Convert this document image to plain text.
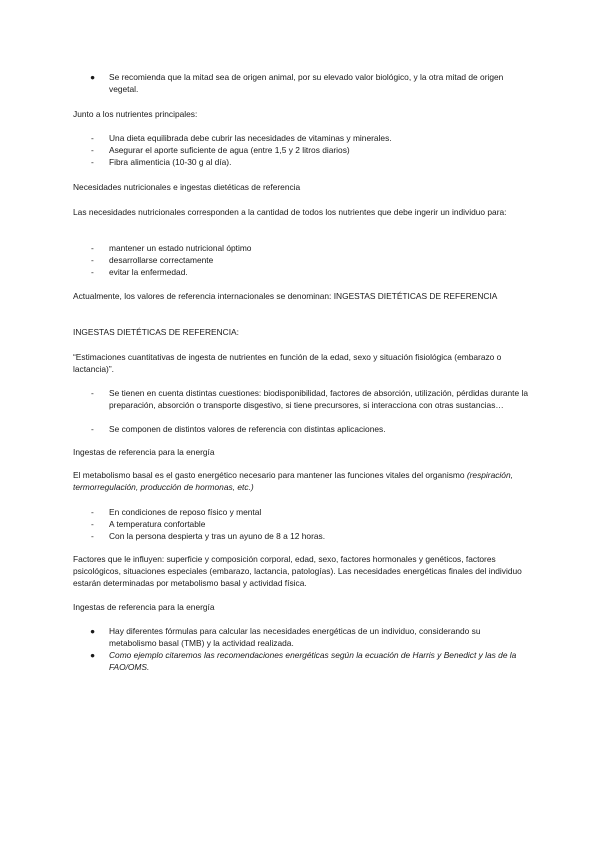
● Se recomienda que la mitad sea de origen animal, por su elevado valor biológico, y la otra mitad de origen vegetal.

Junto a los nutrientes principales:

- Una dieta equilibrada debe cubrir las necesidades de vitaminas y minerales.

- Asegurar el aporte suficiente de agua (entre 1,5 y 2 litros diarios)

- Fibra alimenticia (10-30 g al día).

Necesidades nutricionales e ingestas dietéticas de referencia

Las necesidades nutricionales corresponden a la cantidad de todos los nutrientes que debe ingerir un individuo para:

- mantener un estado nutricional óptimo

- desarrollarse correctamente

- evitar la enfermedad.

Actualmente, los valores de referencia internacionales se denominan: INGESTAS DIETÉTICAS DE REFERENCIA

INGESTAS DIETÉTICAS DE REFERENCIA:

“Estimaciones cuantitativas de ingesta de nutrientes en función de la edad, sexo y situación fisiológica (embarazo o lactancia)”.

- Se tienen en cuenta distintas cuestiones: biodisponibilidad, factores de absorción, utilización, pérdidas durante la preparación, absorción o transporte disgestivo, si tiene precursores, si interacciona con otras sustancias…

- Se componen de distintos valores de referencia con distintas aplicaciones.

Ingestas de referencia para la energía

El metabolismo basal es el gasto energético necesario para mantener las funciones vitales del organismo (respiración, termorregulación, producción de hormonas, etc.)

- En condiciones de reposo físico y mental

- A temperatura confortable

- Con la persona despierta y tras un ayuno de 8 a 12 horas.

Factores que le influyen: superficie y composición corporal, edad, sexo, factores hormonales y genéticos, factores psicológicos, situaciones especiales (embarazo, lactancia, patologías). Las necesidades energéticas finales del individuo estarán determinadas por metabolismo basal y actividad física.

Ingestas de referencia para la energía

● Hay diferentes fórmulas para calcular las necesidades energéticas de un individuo, considerando su metabolismo basal (TMB) y la actividad realizada.

● Como ejemplo citaremos las recomendaciones energéticas según la ecuación de Harris y Benedict y las de la FAO/OMS.
